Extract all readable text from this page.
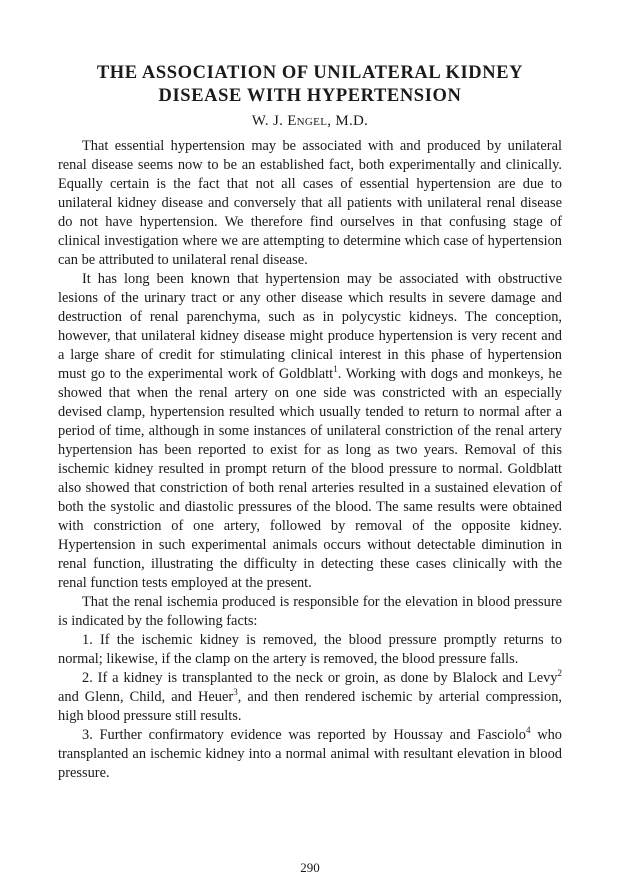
THE ASSOCIATION OF UNILATERAL KIDNEY
DISEASE WITH HYPERTENSION
W. J. Engel, M.D.

That essential hypertension may be associated with and produced by unilateral renal disease seems now to be an established fact, both experimentally and clinically. Equally certain is the fact that not all cases of essential hypertension are due to unilateral kidney disease and conversely that all patients with unilateral renal disease do not have hypertension. We therefore find ourselves in that confusing stage of clinical investigation where we are attempting to determine which case of hypertension can be attributed to unilateral renal disease.

It has long been known that hypertension may be associated with obstructive lesions of the urinary tract or any other disease which results in severe damage and destruction of renal parenchyma, such as in polycystic kidneys. The conception, however, that unilateral kidney disease might produce hypertension is very recent and a large share of credit for stimulating clinical interest in this phase of hypertension must go to the experimental work of Goldblatt$^1$. Working with dogs and monkeys, he showed that when the renal artery on one side was constricted with an especially devised clamp, hypertension resulted which usually tended to return to normal after a period of time, although in some instances of unilateral constriction of the renal artery hypertension has been reported to exist for as long as two years. Removal of this ischemic kidney resulted in prompt return of the blood pressure to normal. Goldblatt also showed that constriction of both renal arteries resulted in a sustained elevation of both the systolic and diastolic pressures of the blood. The same results were obtained with constriction of one artery, followed by removal of the opposite kidney. Hypertension in such experimental animals occurs without detectable diminution in renal function, illustrating the difficulty in detecting these cases clinically with the renal function tests employed at the present.

That the renal ischemia produced is responsible for the elevation in blood pressure is indicated by the following facts:

1. If the ischemic kidney is removed, the blood pressure promptly returns to normal; likewise, if the clamp on the artery is removed, the blood pressure falls.

2. If a kidney is transplanted to the neck or groin, as done by Blalock and Levy$^2$ and Glenn, Child, and Heuer$^3$, and then rendered ischemic by arterial compression, high blood pressure still results.

3. Further confirmatory evidence was reported by Houssay and Fasciolo$^4$ who transplanted an ischemic kidney into a normal animal with resultant elevation in blood pressure.

290
